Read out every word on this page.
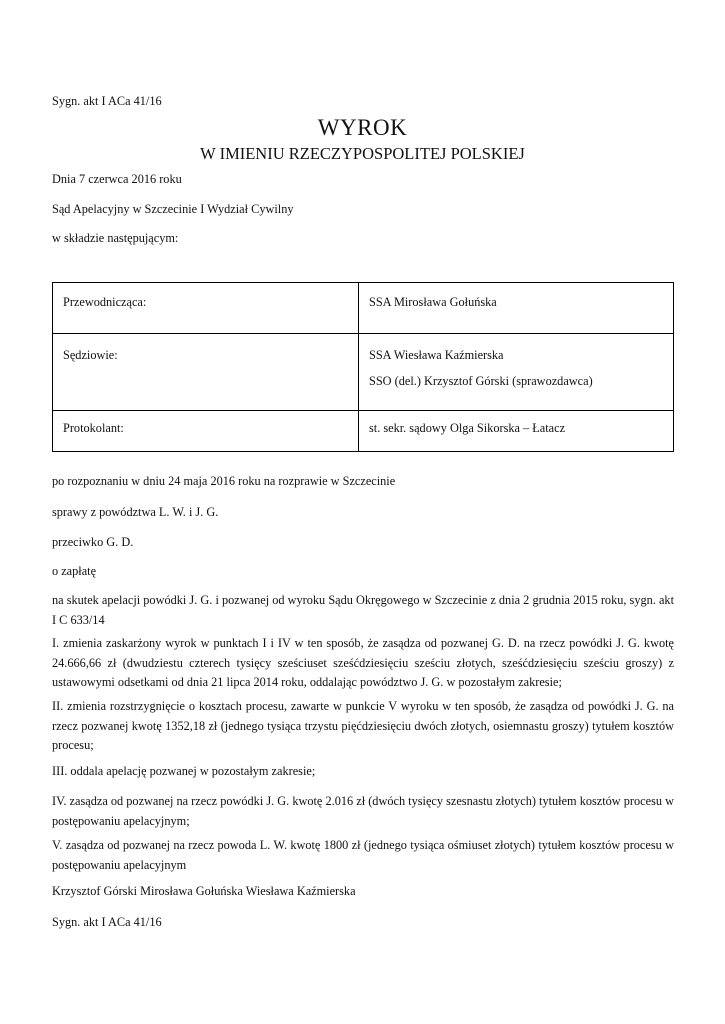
Sygn. akt I ACa 41/16

WYROK
W IMIENIU RZECZYPOSPOLITEJ POLSKIEJ

Dnia 7 czerwca 2016 roku

Sąd Apelacyjny w Szczecinie I Wydział Cywilny

w składzie następującym:

Przewodnicząca:	SSA Mirosława Gołuńska
Sędziowie:	SSA Wiesława Kaźmierska
SSO (del.) Krzysztof Górski (sprawozdawca)

Protokolant:	st. sekr. sądowy Olga Sikorska – Łatacz

po rozpoznaniu w dniu 24 maja 2016 roku na rozprawie w Szczecinie

sprawy z powództwa L. W. i J. G.

przeciwko G. D.

o zapłatę

na skutek apelacji powódki J. G. i pozwanej od wyroku Sądu Okręgowego w Szczecinie z dnia 2 grudnia 2015 roku, sygn. akt I C 633/14

I. zmienia zaskarżony wyrok w punktach I i IV w ten sposób, że zasądza od pozwanej G. D. na rzecz powódki J. G. kwotę 24.666,66 zł (dwudziestu czterech tysięcy sześciuset sześćdziesięciu sześciu złotych, sześćdziesięciu sześciu groszy) z ustawowymi odsetkami od dnia 21 lipca 2014 roku, oddalając powództwo J. G. w pozostałym zakresie;

II. zmienia rozstrzygnięcie o kosztach procesu, zawarte w punkcie V wyroku w ten sposób, że zasądza od powódki J. G. na rzecz pozwanej kwotę 1352,18 zł (jednego tysiąca trzystu pięćdziesięciu dwóch złotych, osiemnastu groszy) tytułem kosztów procesu;

III. oddala apelację pozwanej w pozostałym zakresie;

IV. zasądza od pozwanej na rzecz powódki J. G. kwotę 2.016 zł (dwóch tysięcy szesnastu złotych) tytułem kosztów procesu w postępowaniu apelacyjnym;

V. zasądza od pozwanej na rzecz powoda L. W. kwotę 1800 zł (jednego tysiąca ośmiuset złotych) tytułem kosztów procesu w postępowaniu apelacyjnym

Krzysztof Górski Mirosława Gołuńska Wiesława Kaźmierska

Sygn. akt I ACa 41/16
